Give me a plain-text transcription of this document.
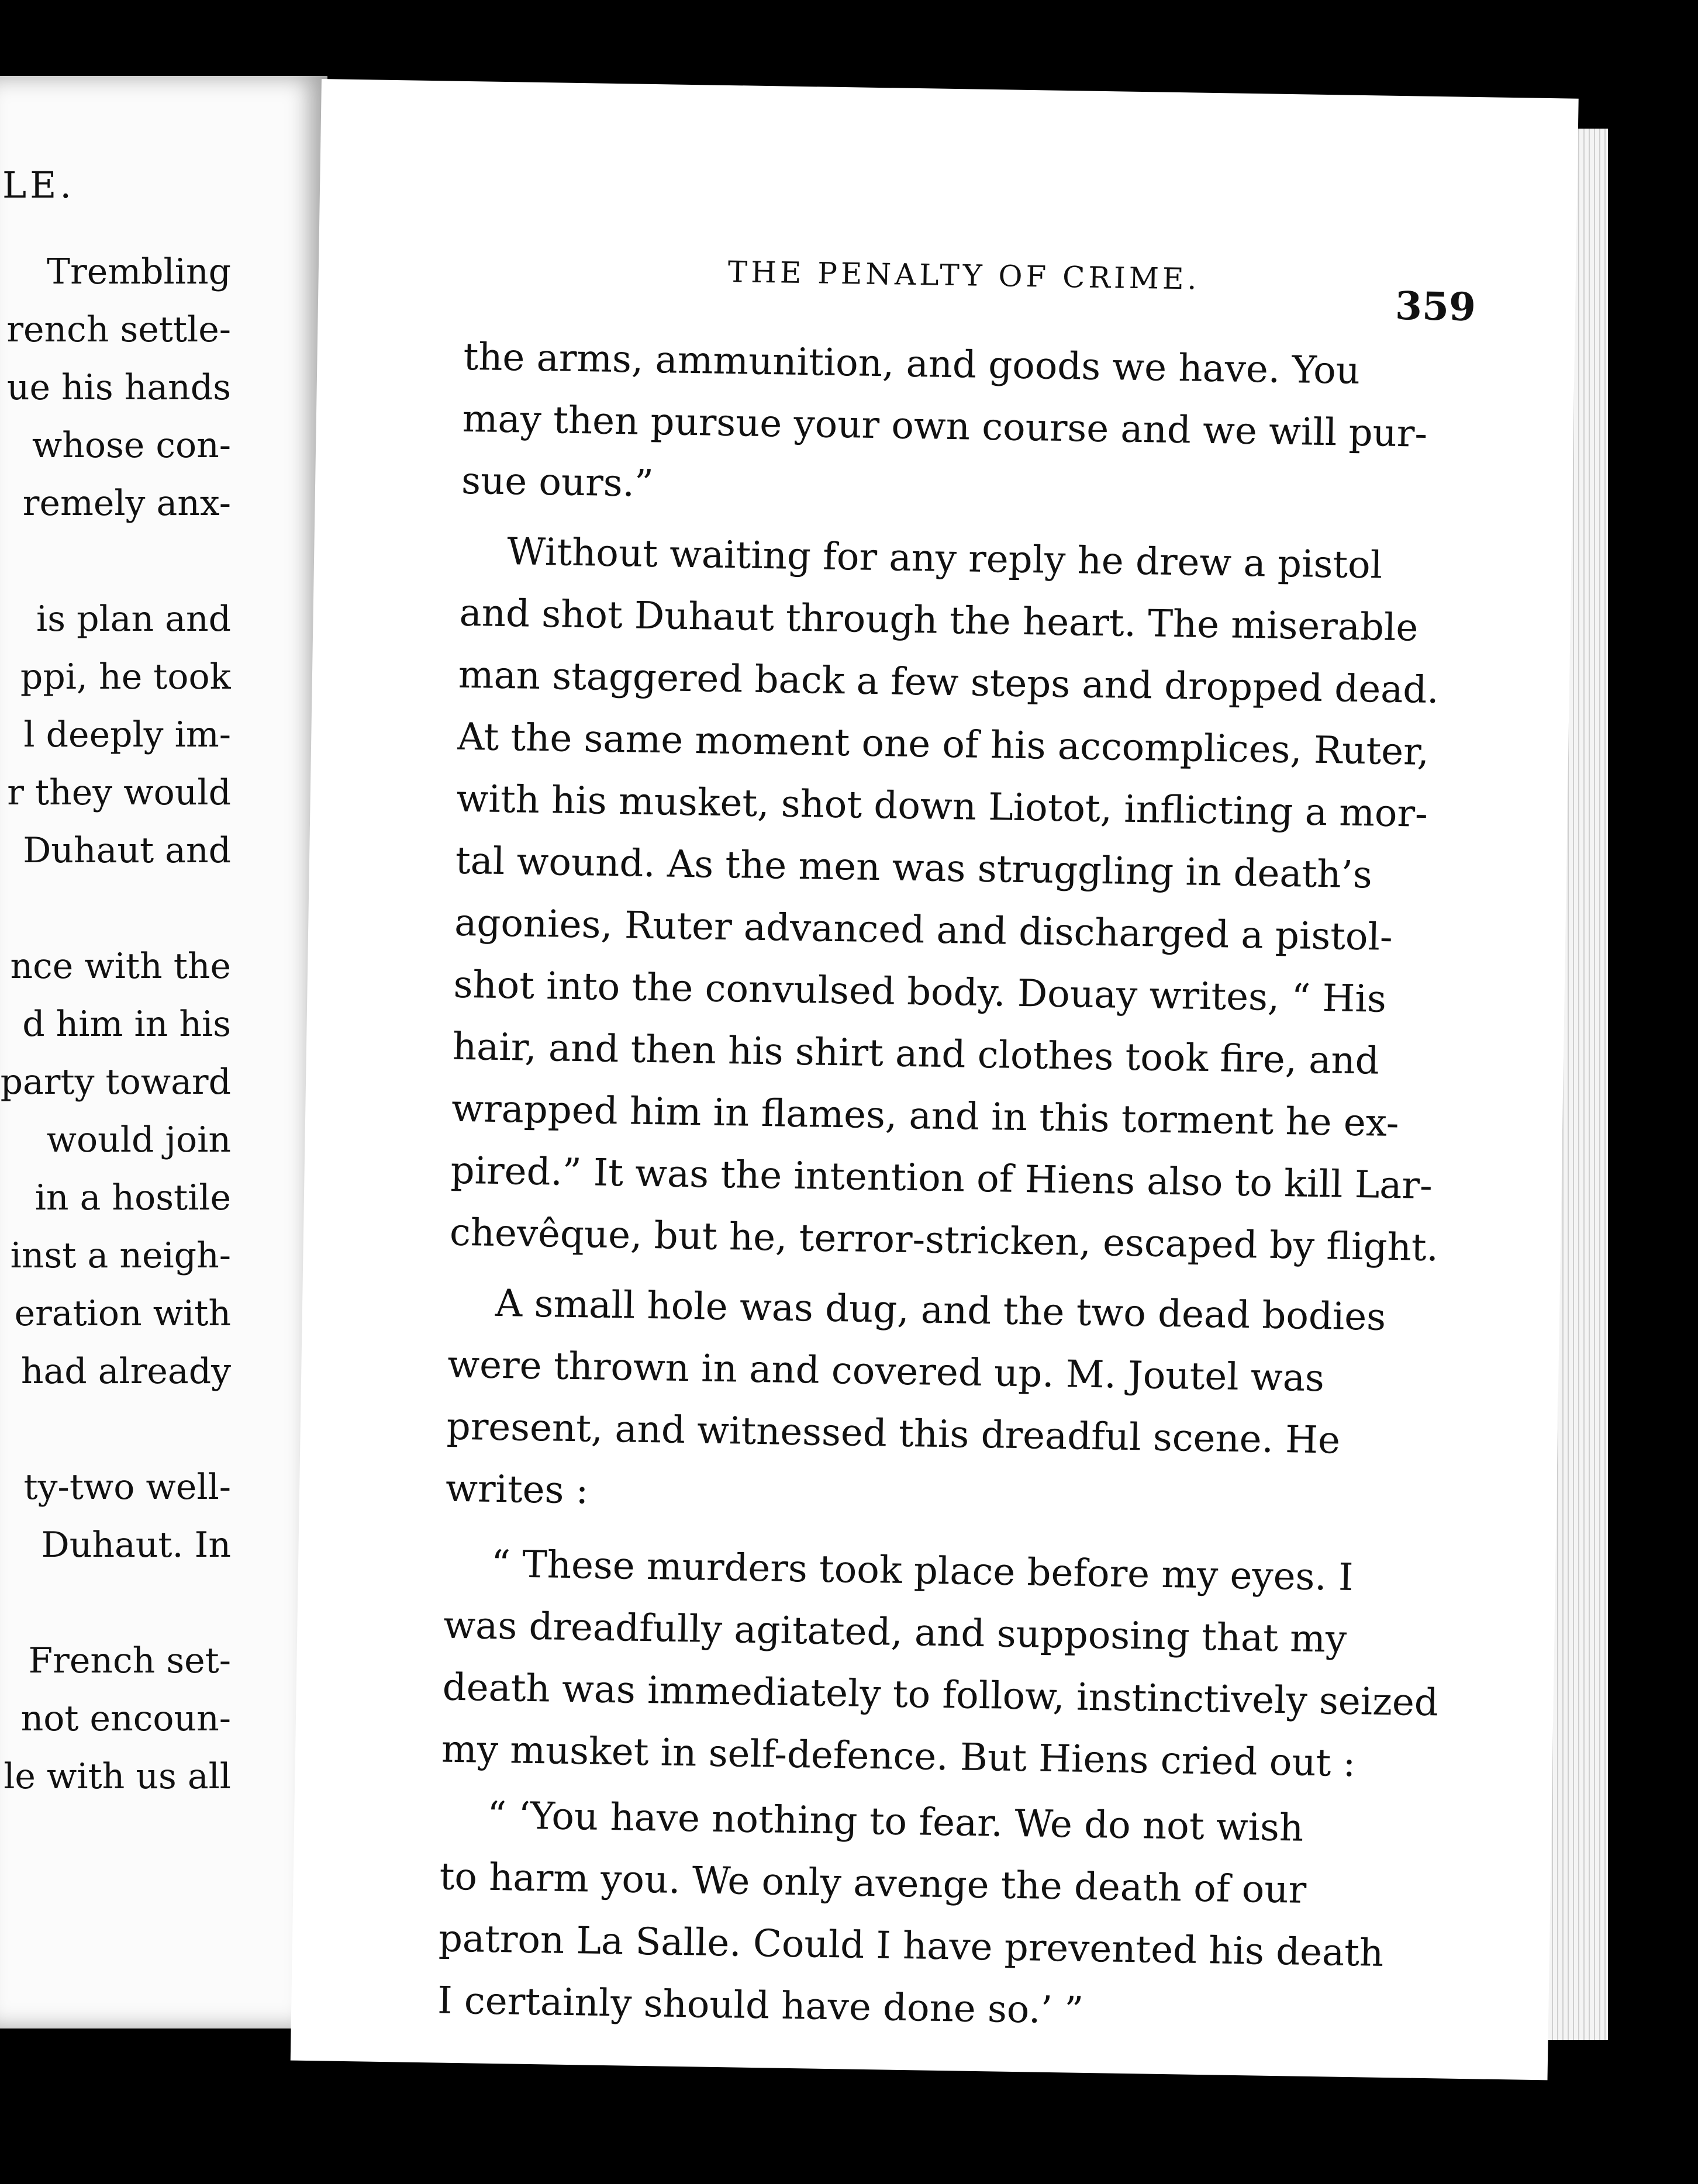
LE.
Trembling
rench settle-
ue his hands
whose con-
remely anx-
is plan and
ppi, he took
l deeply im-
r they would
Duhaut and
nce with the
d him in his
party toward
would join
in a hostile
inst a neigh-
eration with
had already
ty-two well-
Duhaut. In
French set-
not encoun-
le with us all
THE PENALTY OF CRIME.
359
the arms, ammunition, and goods we have. You
may then pursue your own course and we will pur-
sue ours.”
Without waiting for any reply he drew a pistol
and shot Duhaut through the heart. The miserable
man staggered back a few steps and dropped dead.
At the same moment one of his accomplices, Ruter,
with his musket, shot down Liotot, inflicting a mor-
tal wound. As the men was struggling in death’s
agonies, Ruter advanced and discharged a pistol-
shot into the convulsed body. Douay writes, “ His
hair, and then his shirt and clothes took fire, and
wrapped him in flames, and in this torment he ex-
pired.” It was the intention of Hiens also to kill Lar-
chevêque, but he, terror-stricken, escaped by flight.
A small hole was dug, and the two dead bodies
were thrown in and covered up. M. Joutel was
present, and witnessed this dreadful scene. He
writes :
“ These murders took place before my eyes. I
was dreadfully agitated, and supposing that my
death was immediately to follow, instinctively seized
my musket in self-defence. But Hiens cried out :
“ ‘You have nothing to fear. We do not wish
to harm you. We only avenge the death of our
patron La Salle. Could I have prevented his death
I certainly should have done so.’ ”
